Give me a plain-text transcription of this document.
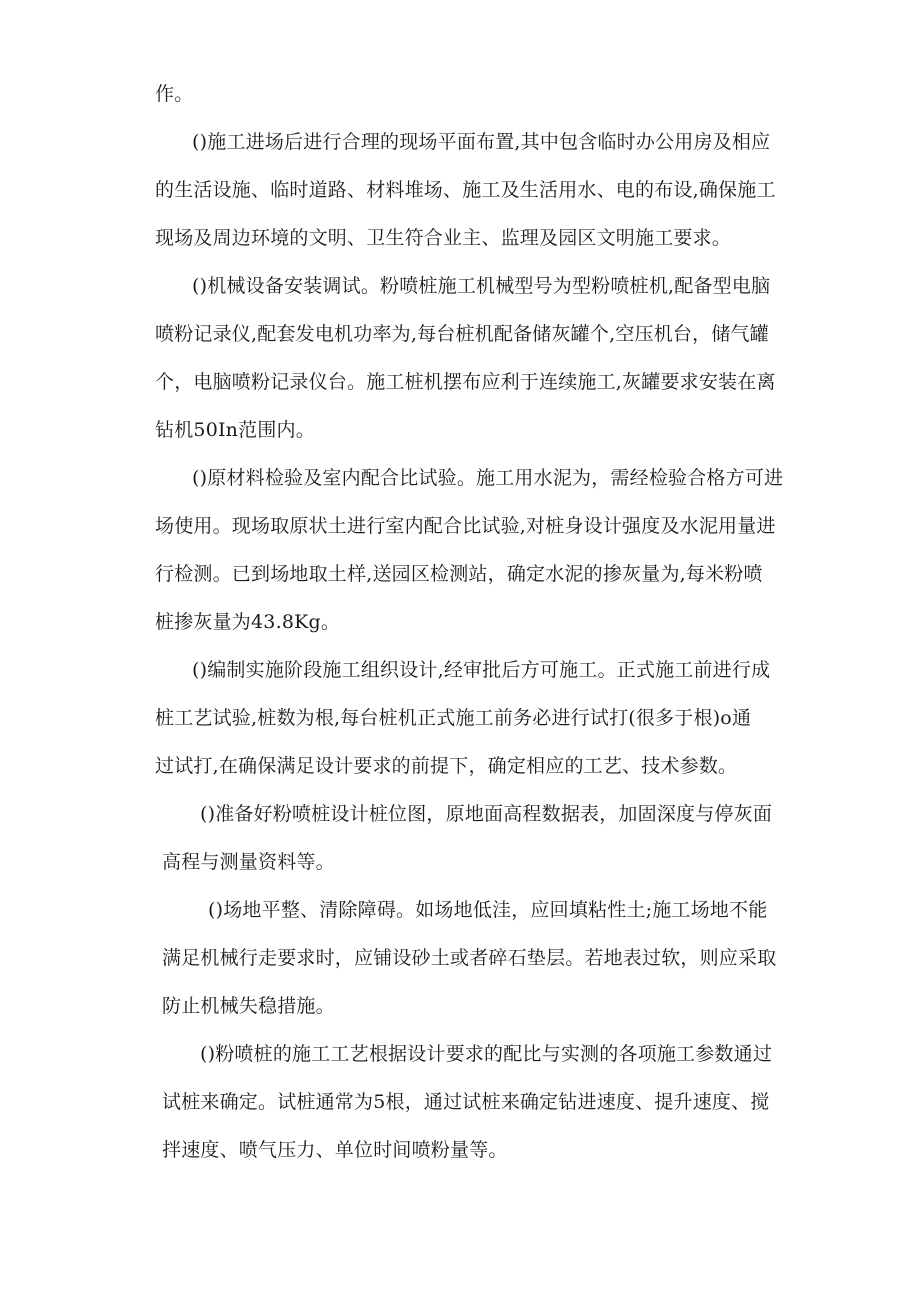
作。
()施工进场后进行合理的现场平面布置,其中包含临时办公用房及相应
的生活设施、临时道路、材料堆场、施工及生活用水、电的布设,确保施工
现场及周边环境的文明、卫生符合业主、监理及园区文明施工要求。
()机械设备安装调试。粉喷桩施工机械型号为型粉喷桩机,配备型电脑
喷粉记录仪,配套发电机功率为,每台桩机配备储灰罐个,空压机台，储气罐
个，电脑喷粉记录仪台。施工桩机摆布应利于连续施工,灰罐要求安装在离
钻机50In范围内。
()原材料检验及室内配合比试验。施工用水泥为，需经检验合格方可进
场使用。现场取原状土进行室内配合比试验,对桩身设计强度及水泥用量进
行检测。已到场地取土样,送园区检测站，确定水泥的掺灰量为,每米粉喷
桩掺灰量为43.8Kg。
()编制实施阶段施工组织设计,经审批后方可施工。正式施工前进行成
桩工艺试验,桩数为根,每台桩机正式施工前务必进行试打(很多于根)o通
过试打,在确保满足设计要求的前提下，确定相应的工艺、技术参数。
()准备好粉喷桩设计桩位图，原地面高程数据表，加固深度与停灰面
高程与测量资料等。
()场地平整、清除障碍。如场地低洼，应回填粘性土;施工场地不能
满足机械行走要求时，应铺设砂土或者碎石垫层。若地表过软，则应采取
防止机械失稳措施。
()粉喷桩的施工工艺根据设计要求的配比与实测的各项施工参数通过
试桩来确定。试桩通常为5根，通过试桩来确定钻进速度、提升速度、搅
拌速度、喷气压力、单位时间喷粉量等。
